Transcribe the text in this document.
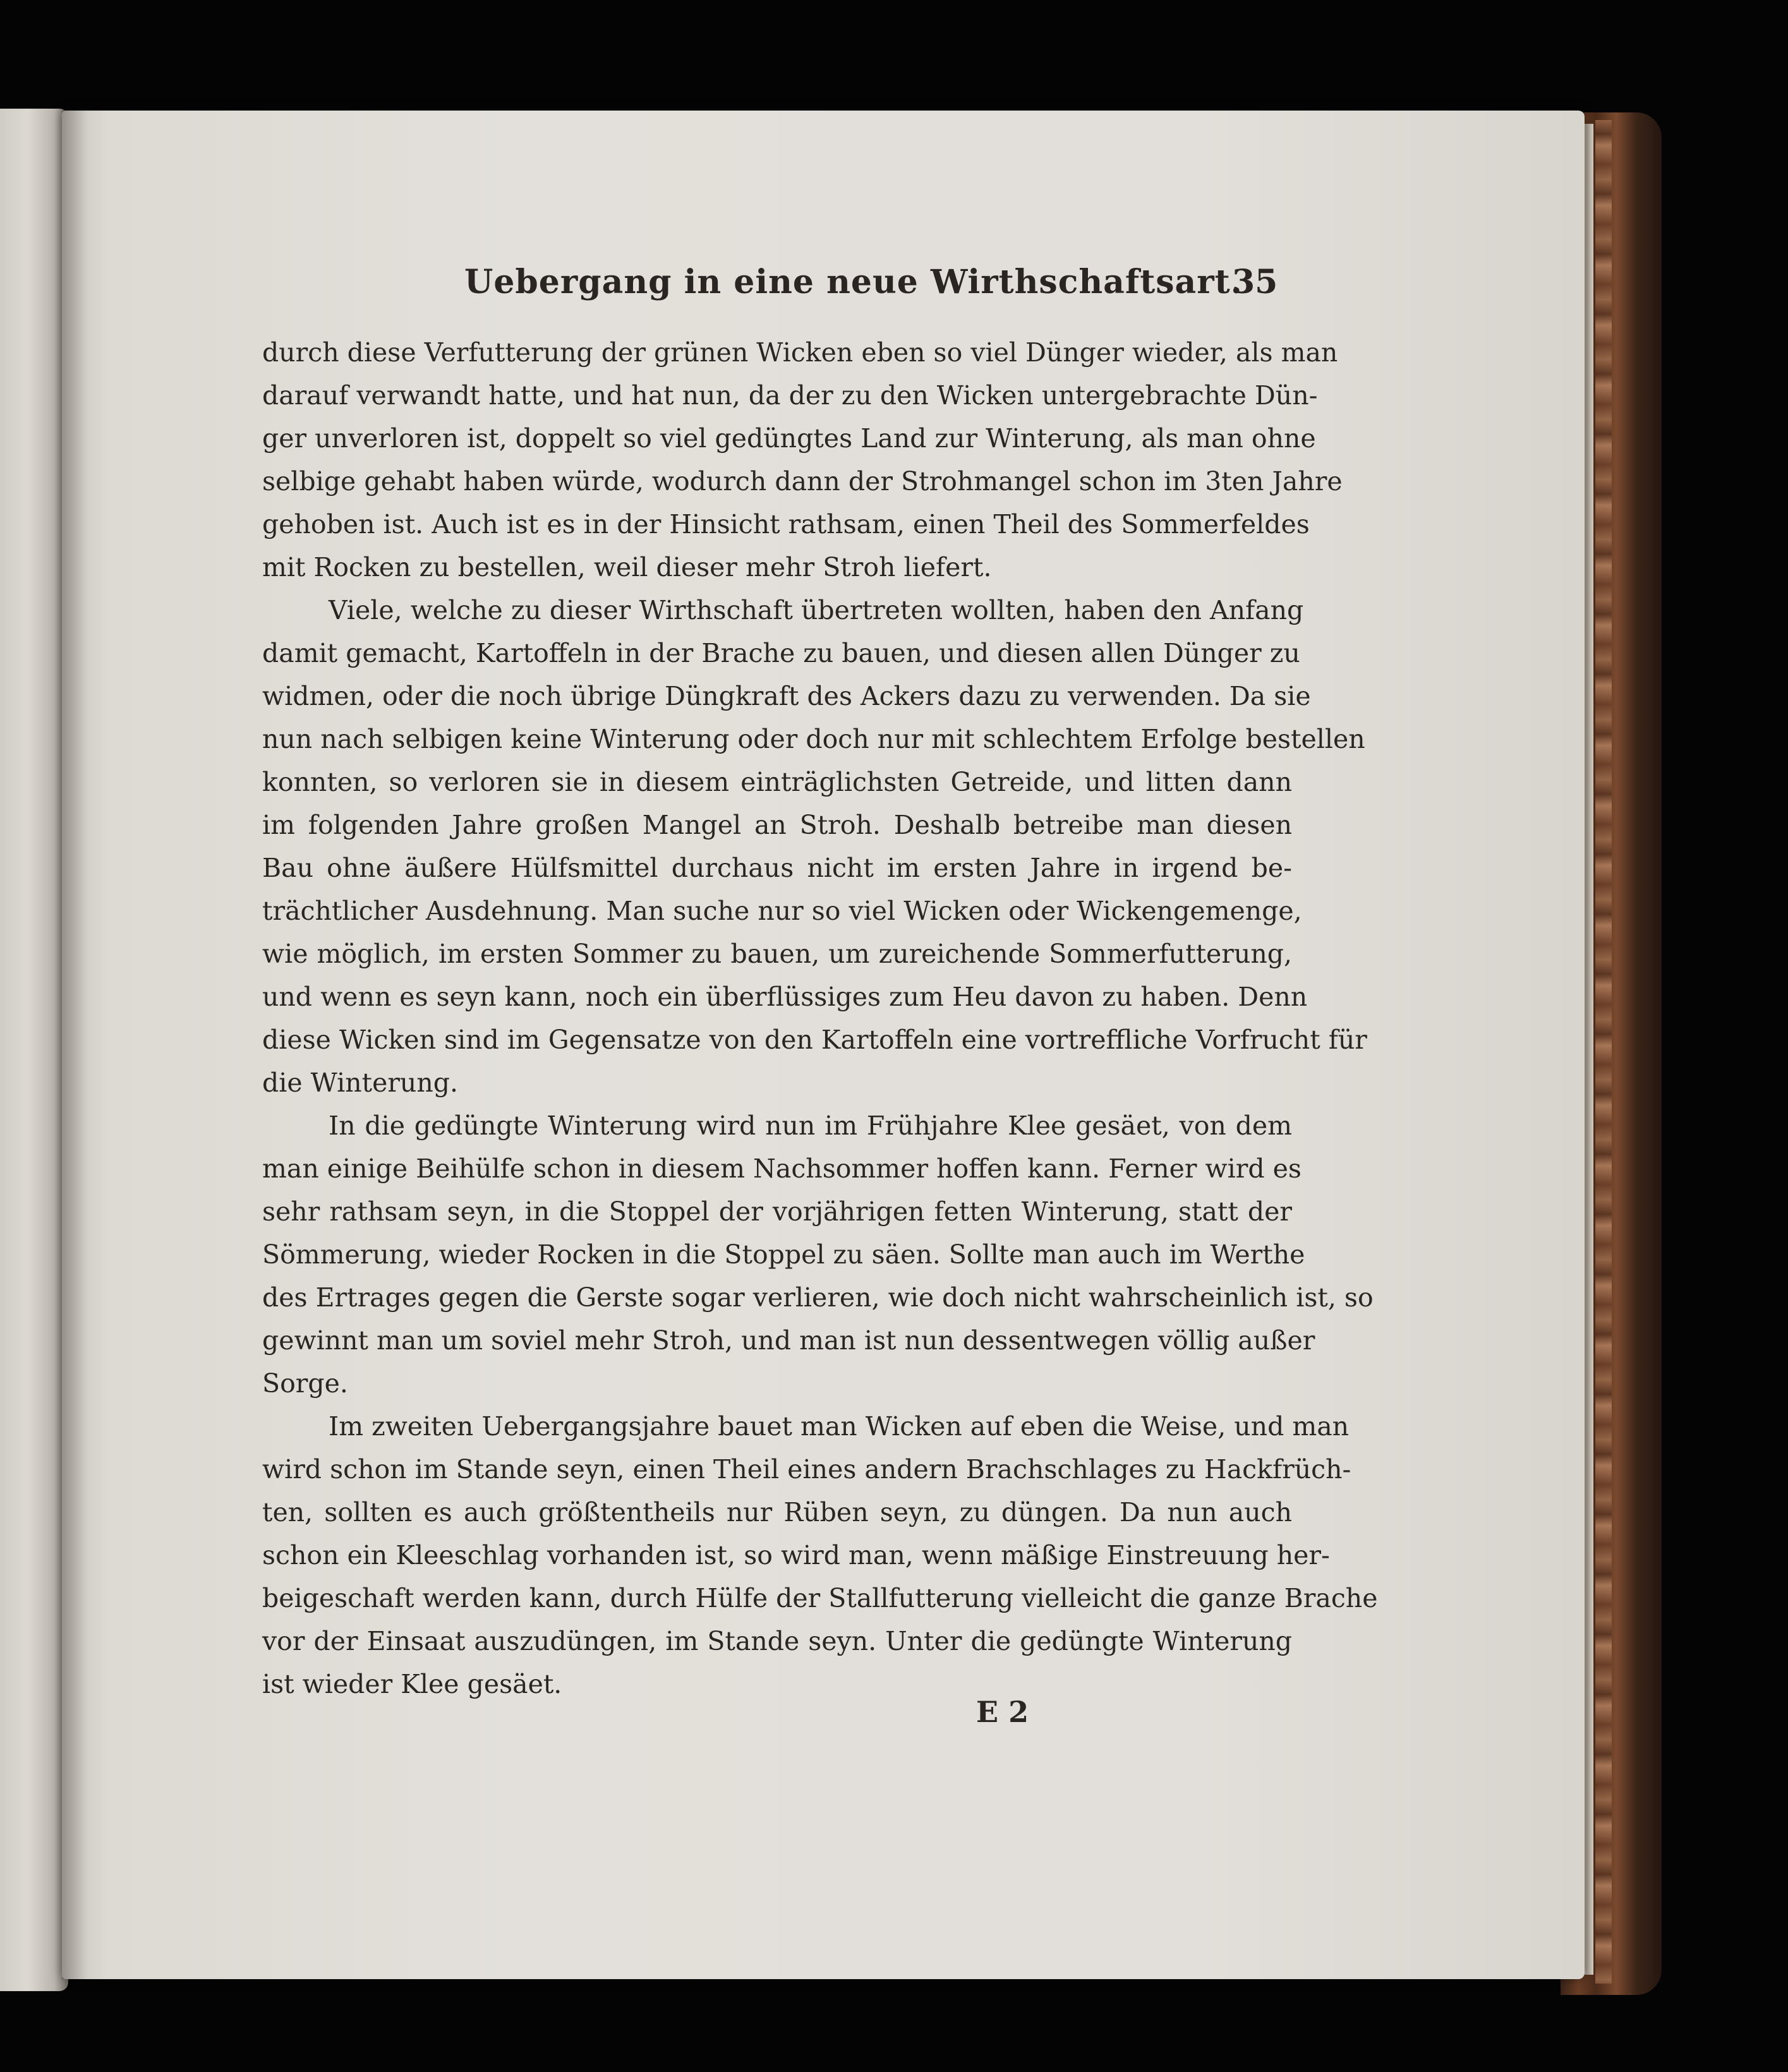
Uebergang in eine neue Wirthschaftsart.
35
durch diese Verfutterung der grünen Wicken eben so viel Dünger wieder, als man
darauf verwandt hatte, und hat nun, da der zu den Wicken untergebrachte Dün-
ger unverloren ist, doppelt so viel gedüngtes Land zur Winterung, als man ohne
selbige gehabt haben würde, wodurch dann der Strohmangel schon im 3ten Jahre
gehoben ist. Auch ist es in der Hinsicht rathsam, einen Theil des Sommerfeldes
mit Rocken zu bestellen, weil dieser mehr Stroh liefert.
Viele, welche zu dieser Wirthschaft übertreten wollten, haben den Anfang
damit gemacht, Kartoffeln in der Brache zu bauen, und diesen allen Dünger zu
widmen, oder die noch übrige Düngkraft des Ackers dazu zu verwenden. Da sie
nun nach selbigen keine Winterung oder doch nur mit schlechtem Erfolge bestellen
konnten, so verloren sie in diesem einträglichsten Getreide, und litten dann
im folgenden Jahre großen Mangel an Stroh. Deshalb betreibe man diesen
Bau ohne äußere Hülfsmittel durchaus nicht im ersten Jahre in irgend be-
trächtlicher Ausdehnung. Man suche nur so viel Wicken oder Wickengemenge,
wie möglich, im ersten Sommer zu bauen, um zureichende Sommerfutterung,
und wenn es seyn kann, noch ein überflüssiges zum Heu davon zu haben. Denn
diese Wicken sind im Gegensatze von den Kartoffeln eine vortreffliche Vorfrucht für
die Winterung.
In die gedüngte Winterung wird nun im Frühjahre Klee gesäet, von dem
man einige Beihülfe schon in diesem Nachsommer hoffen kann. Ferner wird es
sehr rathsam seyn, in die Stoppel der vorjährigen fetten Winterung, statt der
Sömmerung, wieder Rocken in die Stoppel zu säen. Sollte man auch im Werthe
des Ertrages gegen die Gerste sogar verlieren, wie doch nicht wahrscheinlich ist, so
gewinnt man um soviel mehr Stroh, und man ist nun dessentwegen völlig außer
Sorge.
Im zweiten Uebergangsjahre bauet man Wicken auf eben die Weise, und man
wird schon im Stande seyn, einen Theil eines andern Brachschlages zu Hackfrüch-
ten, sollten es auch größtentheils nur Rüben seyn, zu düngen. Da nun auch
schon ein Kleeschlag vorhanden ist, so wird man, wenn mäßige Einstreuung her-
beigeschaft werden kann, durch Hülfe der Stallfutterung vielleicht die ganze Brache
vor der Einsaat auszudüngen, im Stande seyn. Unter die gedüngte Winterung
ist wieder Klee gesäet.
E 2
